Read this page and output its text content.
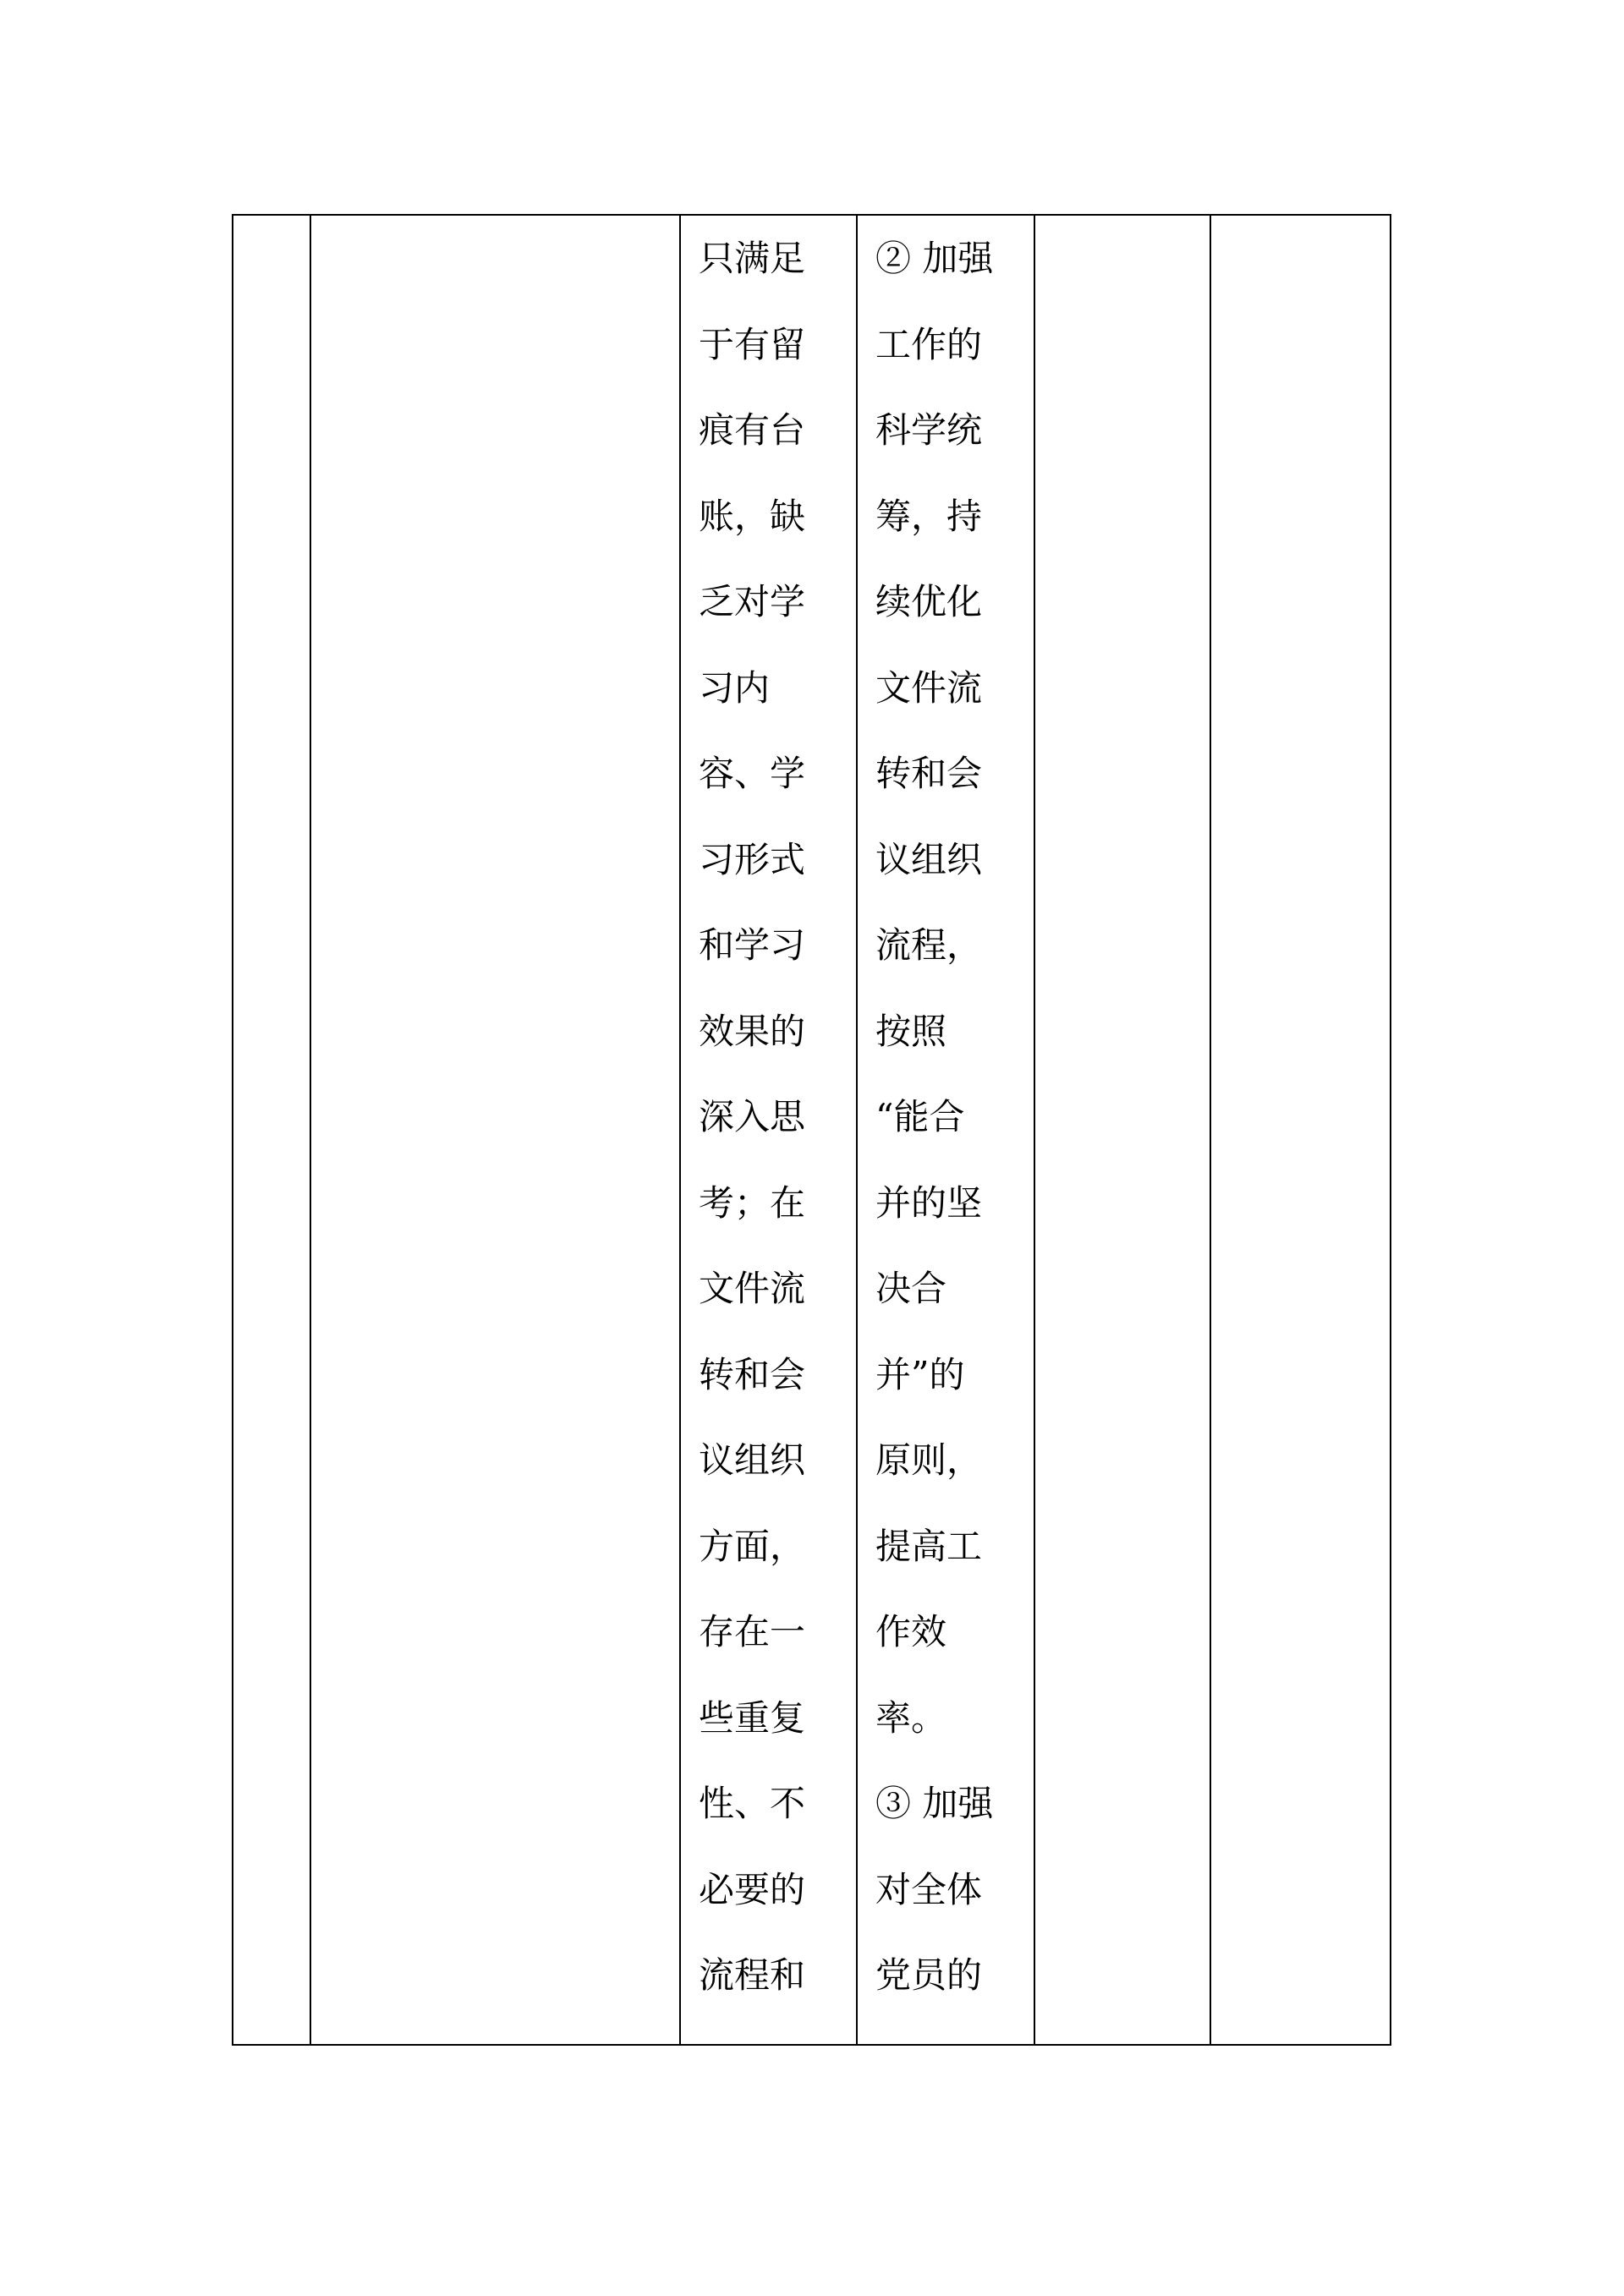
只满足
于有留
痕有台
账，缺
乏对学
习内
容、学
习形式
和学习
效果的
深入思
考；在
文件流
转和会
议组织
方面，
存在一
些重复
性、不
必要的
流程和

② 加强
工作的
科学统
筹，持
续优化
文件流
转和会
议组织
流程，
按照
“能合
并的坚
决合
并”的
原则，
提高工
作效
率。
③ 加强
对全体
党员的
